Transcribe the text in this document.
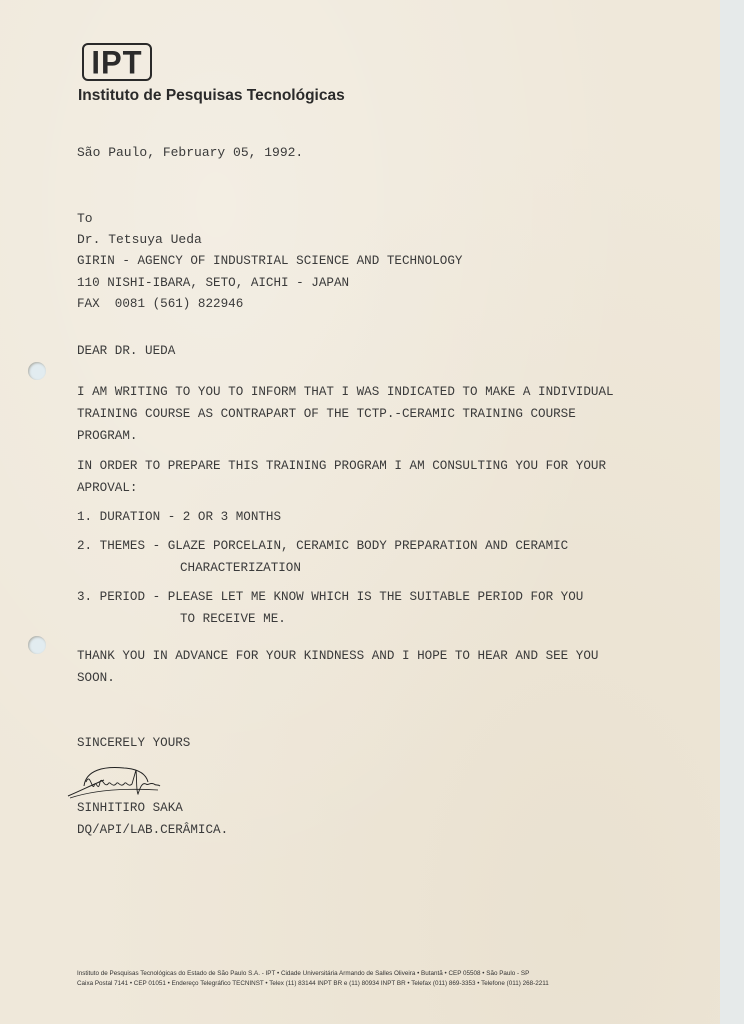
IPT
Instituto de Pesquisas Tecnológicas
São Paulo, February 05, 1992.
To
Dr. Tetsuya Ueda
GIRIN - AGENCY OF INDUSTRIAL SCIENCE AND TECHNOLOGY
110 NISHI-IBARA, SETO, AICHI - JAPAN
FAX  0081 (561) 822946
DEAR DR. UEDA
I AM WRITING TO YOU TO INFORM THAT I WAS INDICATED TO MAKE A INDIVIDUAL
TRAINING COURSE AS CONTRAPART OF THE TCTP.-CERAMIC TRAINING COURSE
PROGRAM.
IN ORDER TO PREPARE THIS TRAINING PROGRAM I AM CONSULTING YOU FOR YOUR
APROVAL:
1. DURATION - 2 OR 3 MONTHS
2. THEMES - GLAZE PORCELAIN, CERAMIC BODY PREPARATION AND CERAMIC
CHARACTERIZATION
3. PERIOD - PLEASE LET ME KNOW WHICH IS THE SUITABLE PERIOD FOR YOU
TO RECEIVE ME.
THANK YOU IN ADVANCE FOR YOUR KINDNESS AND I HOPE TO HEAR AND SEE YOU
SOON.
SINCERELY YOURS
SINHITIRO SAKA
DQ/API/LAB.CERÂMICA.
Instituto de Pesquisas Tecnológicas do Estado de São Paulo S.A. - IPT • Cidade Universitária Armando de Salles Oliveira • Butantã • CEP 05508 • São Paulo - SP
Caixa Postal 7141 • CEP 01051 • Endereço Telegráfico TECNINST • Telex (11) 83144 INPT BR e (11) 80934 INPT BR • Telefax (011) 869-3353 • Telefone (011) 268-2211
